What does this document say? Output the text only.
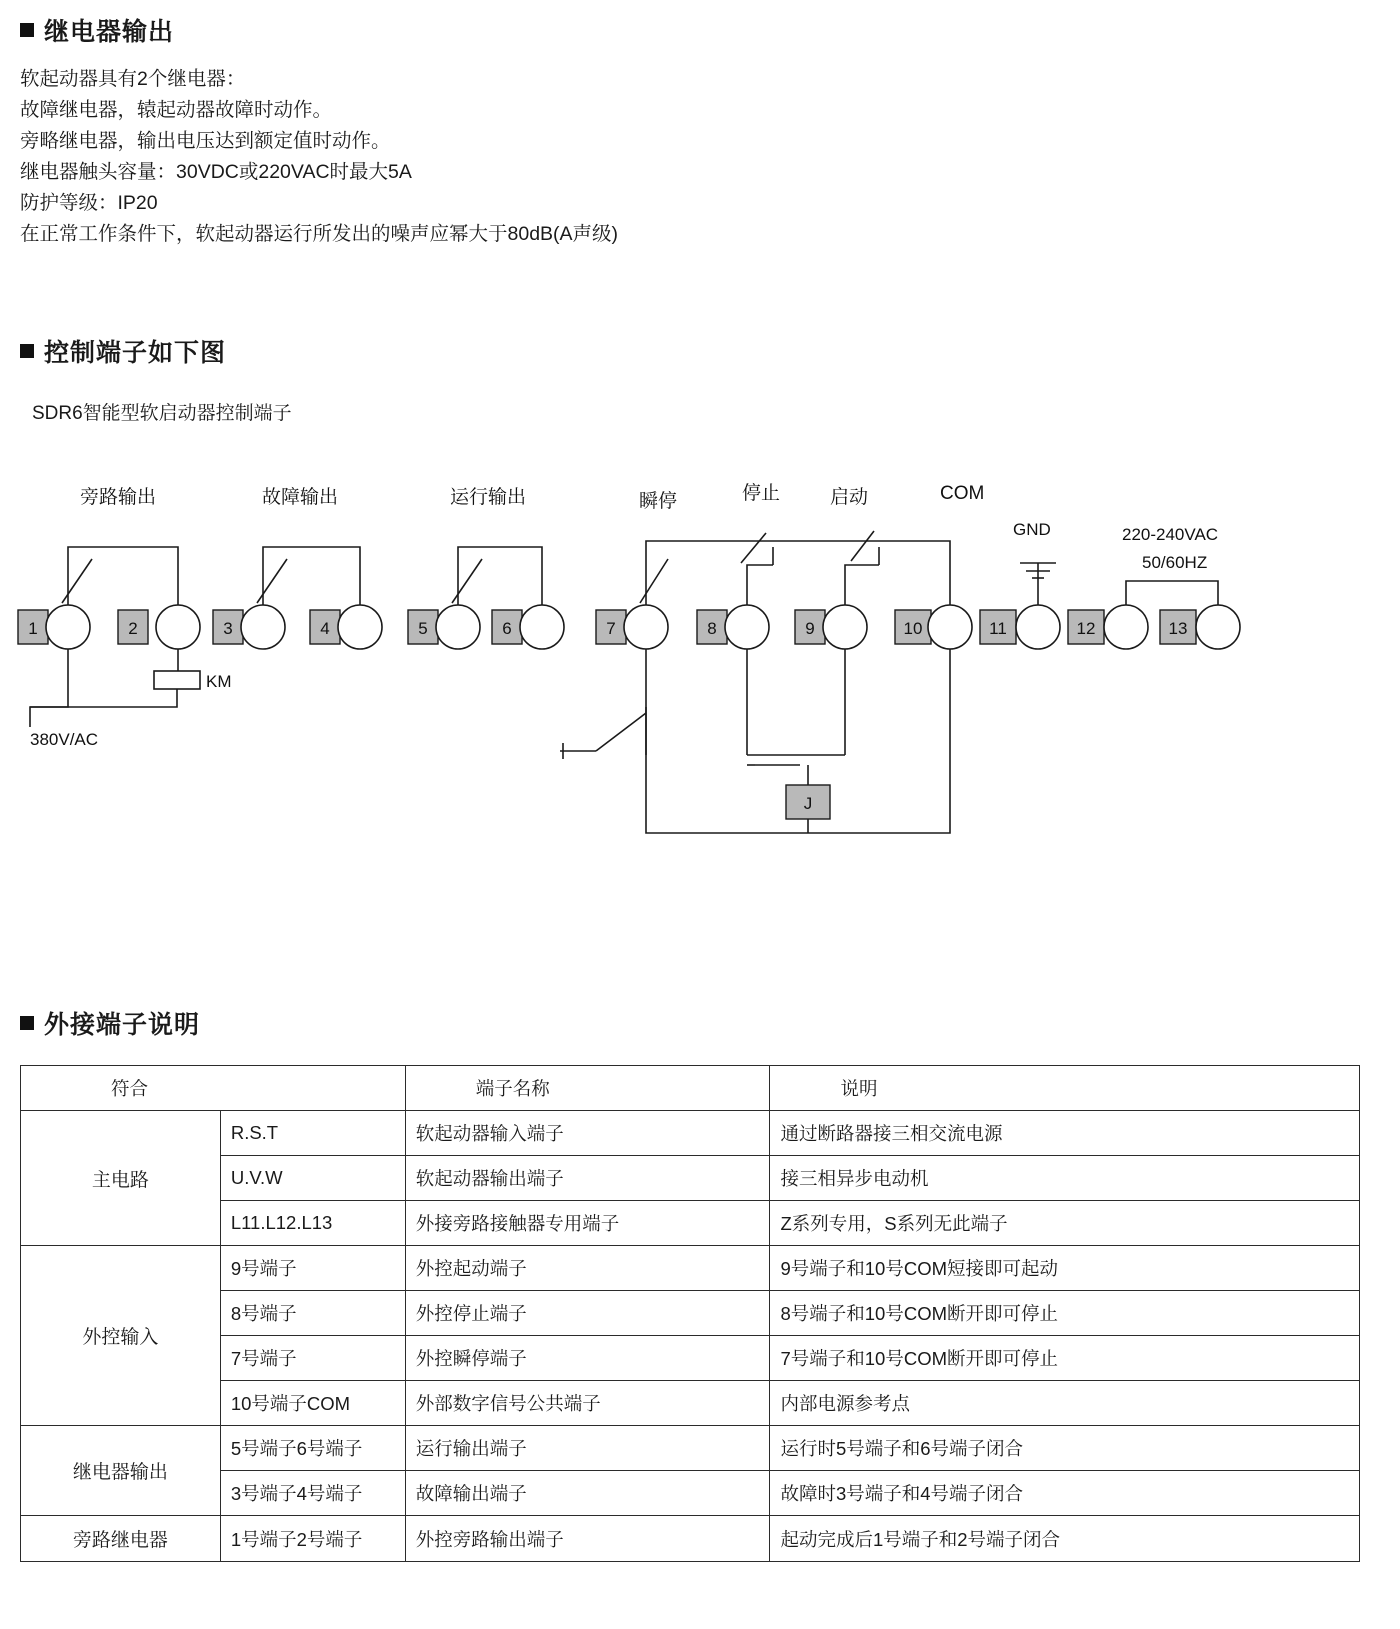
继电器输出
软起动器具有2个继电器：
故障继电器，辕起动器故障时动作。
旁略继电器，输出电压达到额定值时动作。
继电器触头容量：30VDC或220VAC时最大5A
防护等级：IP20
在正常工作条件下，软起动器运行所发出的噪声应幂大于80dB(A声级)
控制端子如下图
SDR6智能型软启动器控制端子
旁路输出	故障输出	运行输出	瞬停	停止	启动	COM
GND	220-240VAC
50/60HZ
1	2	3	4	5	6	7	8	9	10	11	12	13
KM
380V/AC
J
外接端子说明
符合		端子名称	说明
主电路	R.S.T	软起动器输入端子	通过断路器接三相交流电源
	U.V.W	软起动器输出端子	接三相异步电动机
	L11.L12.L13	外接旁路接触器专用端子	Z系列专用，S系列无此端子
外控输入	9号端子	外控起动端子	9号端子和10号COM短接即可起动
	8号端子	外控停止端子	8号端子和10号COM断开即可停止
	7号端子	外控瞬停端子	7号端子和10号COM断开即可停止
	10号端子COM	外部数字信号公共端子	内部电源参考点
继电器输出	5号端子6号端子	运行输出端子	运行时5号端子和6号端子闭合
	3号端子4号端子	故障输出端子	故障时3号端子和4号端子闭合
旁路继电器	1号端子2号端子	外控旁路输出端子	起动完成后1号端子和2号端子闭合
